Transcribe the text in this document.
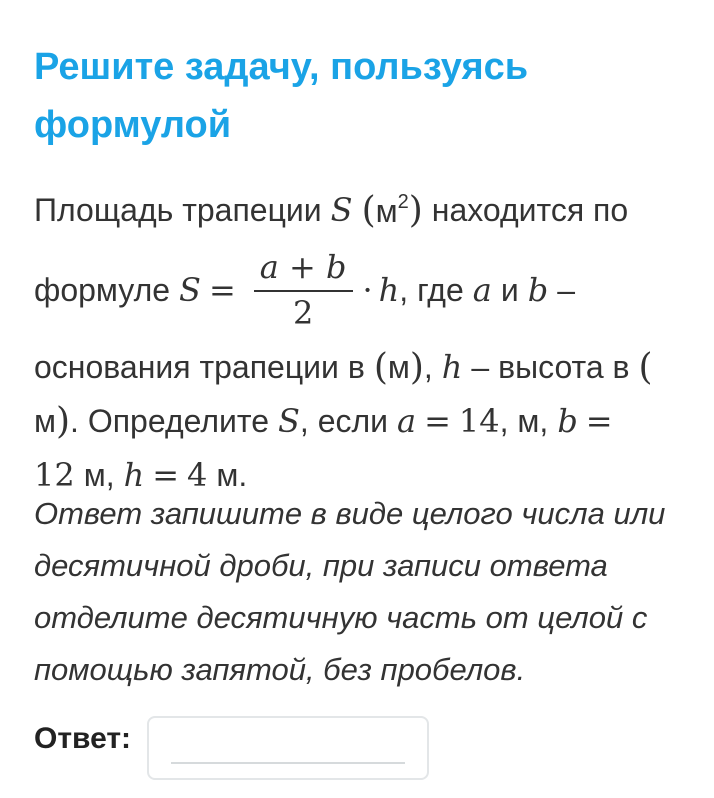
Решите задачу, пользуясь
формулой
Площадь трапеции S ( $м^2$ ) находится по
формуле $S = \frac{a + b}{2} \cdot h$ , где a и b –
основания трапеции в ( м ) , h – высота в (
м ) . Определите S , если a = 14 , м, b =
12 м, h = 4 м.
Ответ запишите в виде целого числа или
десятичной дроби, при записи ответа
отделите десятичную часть от целой с
помощью запятой, без пробелов.
Ответ:
